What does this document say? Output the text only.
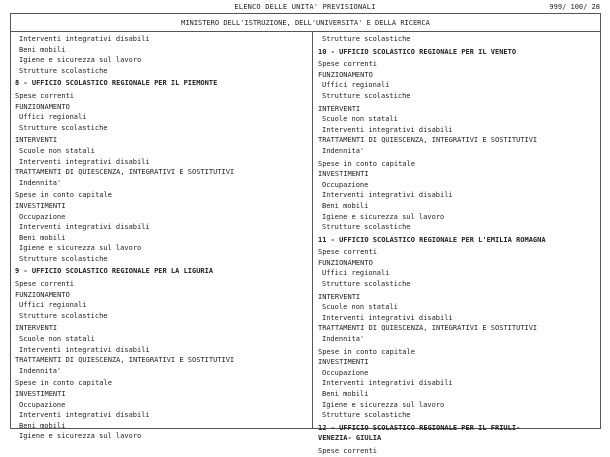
ELENCO DELLE UNITA' PREVISIONALI	999/ 100/ 28
MINISTERO DELL'ISTRUZIONE, DELL'UNIVERSITA' E DELLA RICERCA
Interventi integrativi disabili
Beni mobili
Igiene e sicurezza sul lavoro
Strutture scolastiche
8 - UFFICIO SCOLASTICO REGIONALE PER IL PIEMONTE
Spese correnti
FUNZIONAMENTO
Uffici regionali
Strutture scolastiche
INTERVENTI
Scuole non statali
Interventi integrativi disabili
TRATTAMENTI DI QUIESCENZA, INTEGRATIVI E SOSTITUTIVI
Indennita'
Spese in conto capitale
INVESTIMENTI
Occupazione
Interventi integrativi disabili
Beni mobili
Igiene e sicurezza sul lavoro
Strutture scolastiche
9 - UFFICIO SCOLASTICO REGIONALE PER LA LIGURIA
Spese correnti
FUNZIONAMENTO
Uffici regionali
Strutture scolastiche
INTERVENTI
Scuole non statali
Interventi integrativi disabili
TRATTAMENTI DI QUIESCENZA, INTEGRATIVI E SOSTITUTIVI
Indennita'
Spese in conto capitale
INVESTIMENTI
Occupazione
Interventi integrativi disabili
Beni mobili
Igiene e sicurezza sul lavoro
Strutture scolastiche
10 - UFFICIO SCOLASTICO REGIONALE PER IL VENETO
Spese correnti
FUNZIONAMENTO
Uffici regionali
Strutture scolastiche
INTERVENTI
Scuole non statali
Interventi integrativi disabili
TRATTAMENTI DI QUIESCENZA, INTEGRATIVI E SOSTITUTIVI
Indennita'
Spese in conto capitale
INVESTIMENTI
Occupazione
Interventi integrativi disabili
Beni mobili
Igiene e sicurezza sul lavoro
Strutture scolastiche
11 - UFFICIO SCOLASTICO REGIONALE PER L'EMILIA ROMAGNA
Spese correnti
FUNZIONAMENTO
Uffici regionali
Strutture scolastiche
INTERVENTI
Scuole non statali
Interventi integrativi disabili
TRATTAMENTI DI QUIESCENZA, INTEGRATIVI E SOSTITUTIVI
Indennita'
Spese in conto capitale
INVESTIMENTI
Occupazione
Interventi integrativi disabili
Beni mobili
Igiene e sicurezza sul lavoro
Strutture scolastiche
12 - UFFICIO SCOLASTICO REGIONALE PER IL FRIULI-
VENEZIA- GIULIA
Spese correnti
